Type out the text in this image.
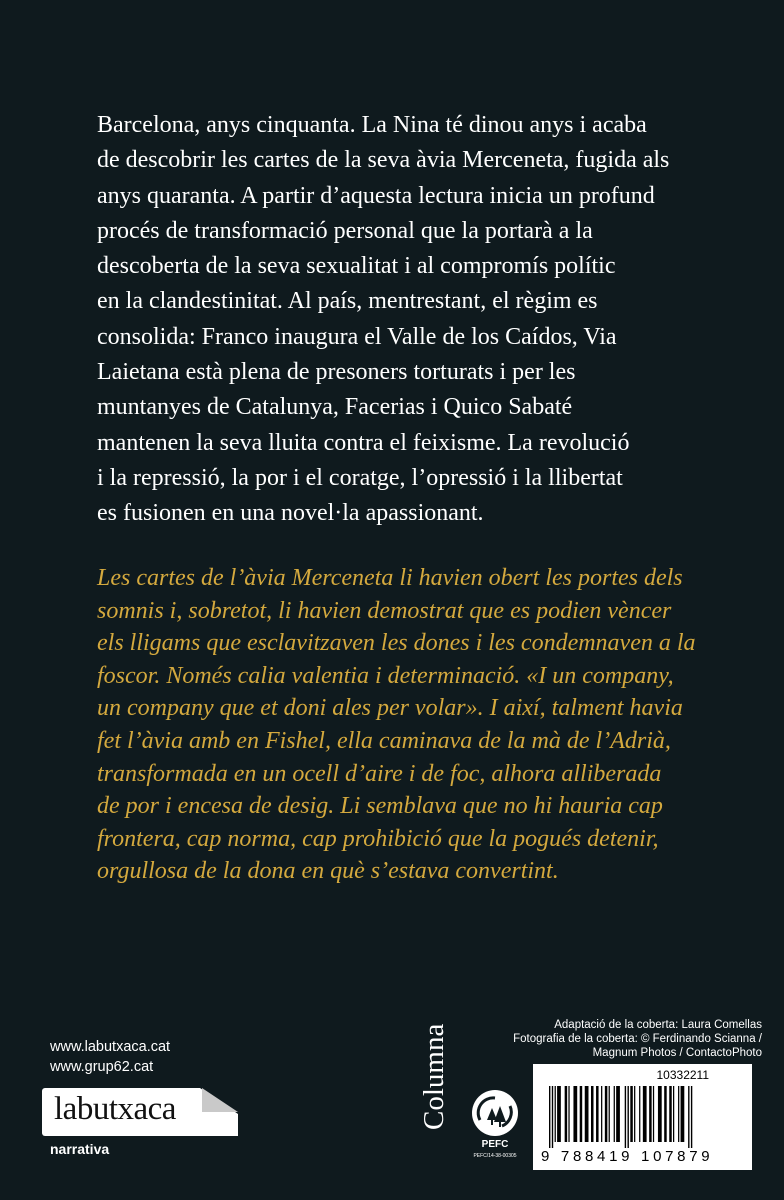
Barcelona, anys cinquanta. La Nina té dinou anys i acaba
de descobrir les cartes de la seva àvia Merceneta, fugida als
anys quaranta. A partir d’aquesta lectura inicia un profund
procés de transformació personal que la portarà a la
descoberta de la seva sexualitat i al compromís polític
en la clandestinitat. Al país, mentrestant, el règim es
consolida: Franco inaugura el Valle de los Caídos, Via
Laietana està plena de presoners torturats i per les
muntanyes de Catalunya, Facerias i Quico Sabaté
mantenen la seva lluita contra el feixisme. La revolució
i la repressió, la por i el coratge, l’opressió i la llibertat
es fusionen en una novel·la apassionant.
Les cartes de l’àvia Merceneta li havien obert les portes dels
somnis i, sobretot, li havien demostrat que es podien vèncer
els lligams que esclavitzaven les dones i les condemnaven a la
foscor. Només calia valentia i determinació. «I un company,
un company que et doni ales per volar». I així, talment havia
fet l’àvia amb en Fishel, ella caminava de la mà de l’Adrià,
transformada en un ocell d’aire i de foc, alhora alliberada
de por i encesa de desig. Li semblava que no hi hauria cap
frontera, cap norma, cap prohibició que la pogués detenir,
orgullosa de la dona en què s’estava convertint.
www.labutxaca.cat
www.grup62.cat
labutxaca
narrativa
Columna
PEFC
PEFC/14-38-00305
Adaptació de la coberta: Laura Comellas
Fotografia de la coberta: © Ferdinando Scianna /
Magnum Photos / ContactoPhoto
10332211
9 788419 107879
